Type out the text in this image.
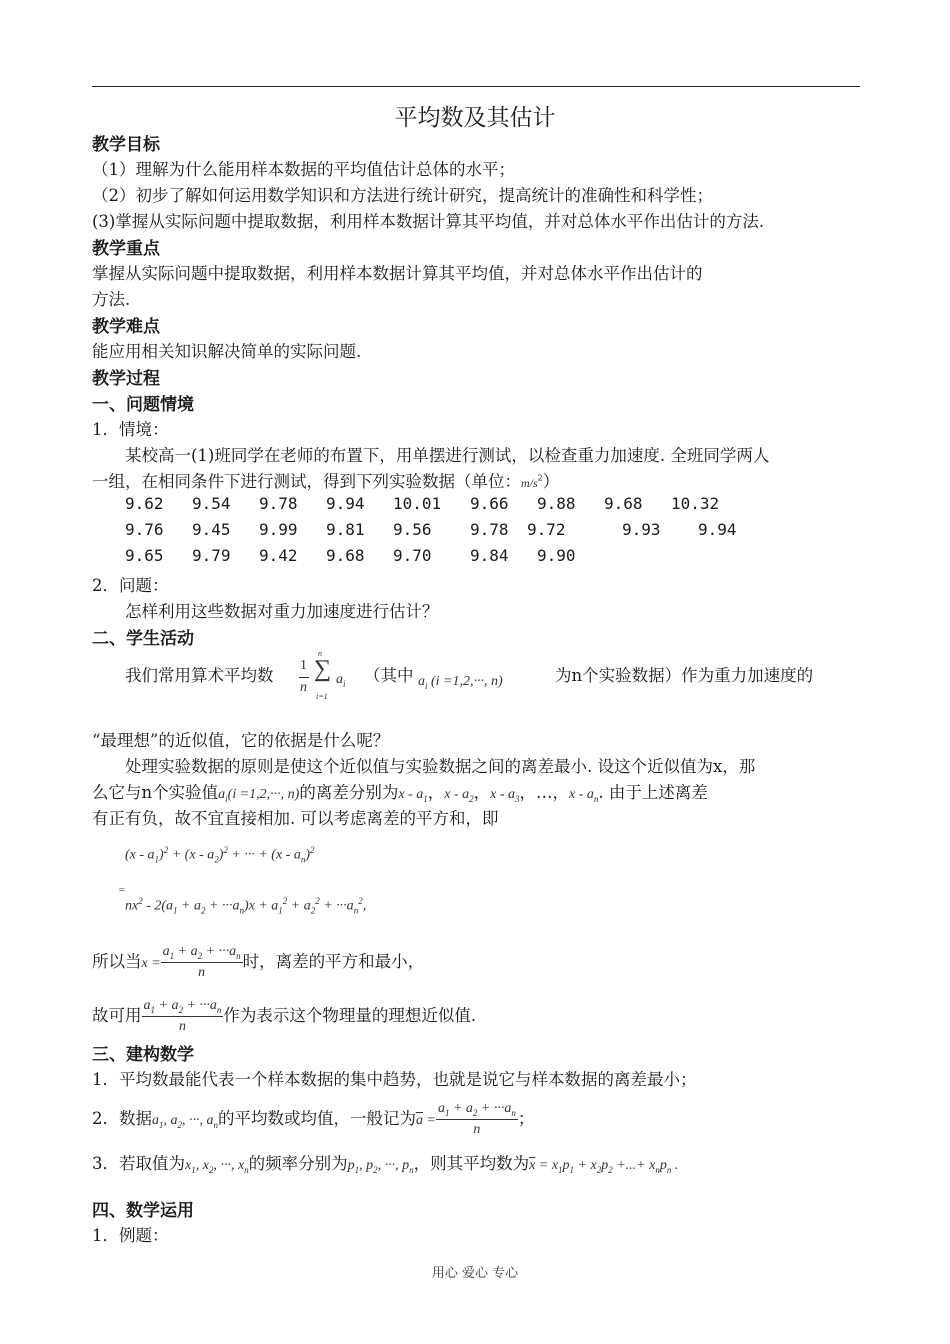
平均数及其估计
教学目标
（1）理解为什么能用样本数据的平均值估计总体的水平；
（2）初步了解如何运用数学知识和方法进行统计研究，提高统计的准确性和科学性；
(3)掌握从实际问题中提取数据，利用样本数据计算其平均值，并对总体水平作出估计的方法.
教学重点
掌握从实际问题中提取数据，利用样本数据计算其平均值，并对总体水平作出估计的
方法.
教学难点
能应用相关知识解决简单的实际问题.
教学过程
一、问题情境
1．情境：
某校高一(1)班同学在老师的布置下，用单摆进行测试，以检查重力加速度. 全班同学两人
一组，在相同条件下进行测试，得到下列实验数据（单位：$m/s^2$）
9.62 9.54 9.78 9.94 10.01 9.66 9.88 9.68 10.32
9.76 9.45 9.99 9.81 9.56 9.78 9.72	9.93 9.94
9.65 9.79 9.42 9.68 9.70 9.84 9.90
2．问题：
怎样利用这些数据对重力加速度进行估计？
二、学生活动
我们常用算术平均数
1
n
n
∑
i=1
$a_i$ （其中 $a_i$ (i =1,2,···, n)	为n个实验数据）作为重力加速度的
“最理想”的近似值，它的依据是什么呢？
处理实验数据的原则是使这个近似值与实验数据之间的离差最小. 设这个近似值为x，那
么它与n个实验值$a_i(i =1,2,\cdot\cdot\cdot$, n)的离差分别为x - $a_1$，x - $a_2$，x - $a_3$，…，x - $a_n$. 由于上述离差
有正有负，故不宜直接相加. 可以考虑离差的平方和，即
$(x - a_1)^2 + (x - a_2)^2$ + ··· + $(x - a_n)^2$
=
$nx^2 - 2(a_1 + a_2 + \cdot\cdot\cdot a_n)x + a_1^2 + a_2^2 + \cdot\cdot\cdot a_n^2$,
所以当$x = \frac{a_1 + a_2 + \cdot\cdot\cdot a_n}{n}$ 时，离差的平方和最小，
故可用 $\frac{a_1 + a_2 + \cdot\cdot\cdot a_n}{n}$ 作为表示这个物理量的理想近似值.
三、建构数学
1．平均数最能代表一个样本数据的集中趋势，也就是说它与样本数据的离差最小；
2．数据$a_1$, $a_2$, ···, $a_n$的平均数或均值，一般记为$\overline{a} = \frac{a_1 + a_2 + \cdot\cdot\cdot a_n}{n}$ ；
3．若取值为$x_1$, $x_2$, ···, $x_n$的频率分别为$p_1$, $p_2$, ···, $p_n$，则其平均数为$\overline{x} = x_1p_1 + x_2p_2$ +...+ $x_np_n$ .
四、数学运用
1．例题：
用心 爱心 专心
